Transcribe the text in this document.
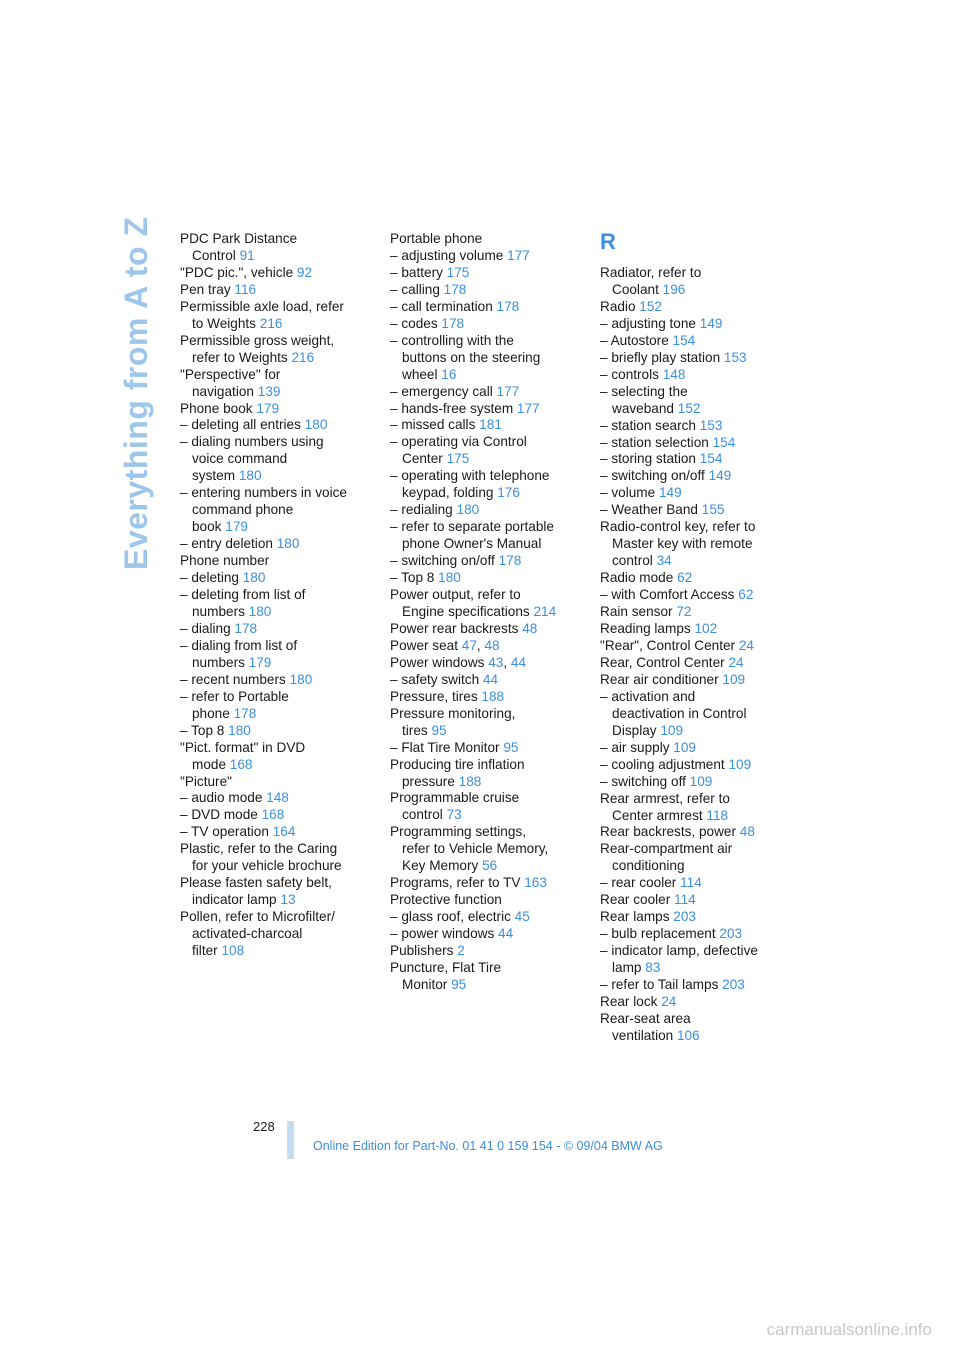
Everything from A to Z PDC Park Distance
Control 91
"PDC pic.", vehicle 92
Pen tray 116
Permissible axle load, refer
to Weights 216
Permissible gross weight,
refer to Weights 216
"Perspective" for
navigation 139
Phone book 179
– deleting all entries 180
– dialing numbers using
voice command
system 180
– entering numbers in voice
command phone
book 179
– entry deletion 180
Phone number
– deleting 180
– deleting from list of
numbers 180
– dialing 178
– dialing from list of
numbers 179
– recent numbers 180
– refer to Portable
phone 178
– Top 8 180
"Pict. format" in DVD
mode 168
"Picture"
– audio mode 148
– DVD mode 168
– TV operation 164
Plastic, refer to the Caring
for your vehicle brochure
Please fasten safety belt,
indicator lamp 13
Pollen, refer to Microfilter/
activated-charcoal
filter 108
Portable phone
– adjusting volume 177
– battery 175
– calling 178
– call termination 178
– codes 178
– controlling with the
buttons on the steering
wheel 16
– emergency call 177
– hands-free system 177
– missed calls 181
– operating via Control
Center 175
– operating with telephone
keypad, folding 176
– redialing 180
– refer to separate portable
phone Owner's Manual
– switching on/off 178
– Top 8 180
Power output, refer to
Engine specifications 214
Power rear backrests 48
Power seat 47, 48
Power windows 43, 44
– safety switch 44
Pressure, tires 188
Pressure monitoring,
tires 95
– Flat Tire Monitor 95
Producing tire inflation
pressure 188
Programmable cruise
control 73
Programming settings,
refer to Vehicle Memory,
Key Memory 56
Programs, refer to TV 163
Protective function
– glass roof, electric 45
– power windows 44
Publishers 2
Puncture, Flat Tire
Monitor 95
R
Radiator, refer to
Coolant 196
Radio 152
– adjusting tone 149
– Autostore 154
– briefly play station 153
– controls 148
– selecting the
waveband 152
– station search 153
– station selection 154
– storing station 154
– switching on/off 149
– volume 149
– Weather Band 155
Radio-control key, refer to
Master key with remote
control 34
Radio mode 62
– with Comfort Access 62
Rain sensor 72
Reading lamps 102
"Rear", Control Center 24
Rear, Control Center 24
Rear air conditioner 109
– activation and
deactivation in Control
Display 109
– air supply 109
– cooling adjustment 109
– switching off 109
Rear armrest, refer to
Center armrest 118
Rear backrests, power 48
Rear-compartment air
conditioning
– rear cooler 114
Rear cooler 114
Rear lamps 203
– bulb replacement 203
– indicator lamp, defective
lamp 83
– refer to Tail lamps 203
Rear lock 24
Rear-seat area
ventilation 106
228
Online Edition for Part-No. 01 41 0 159 154 - © 09/04 BMW AG
carmanualsonline.info
